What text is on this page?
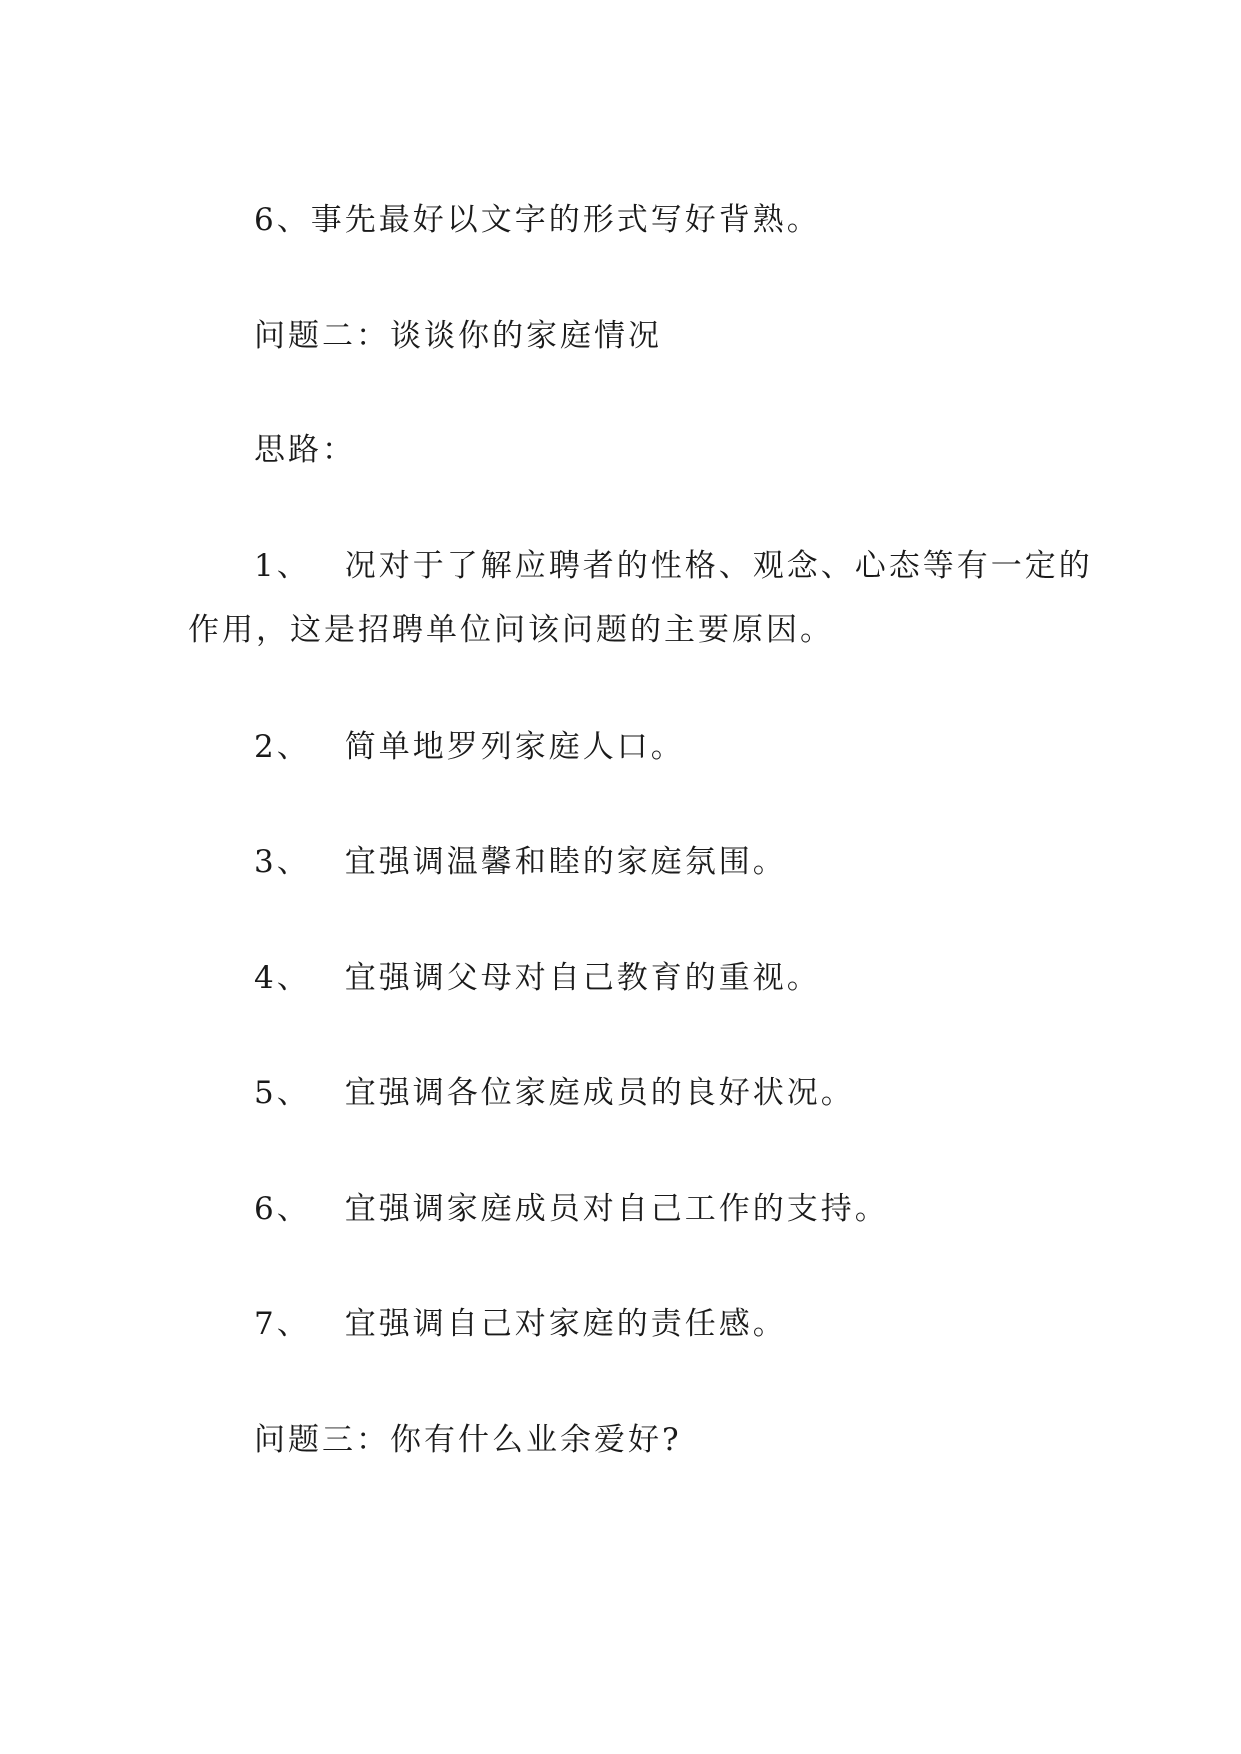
6、事先最好以文字的形式写好背熟。
问题二：谈谈你的家庭情况
思路：
1、 况对于了解应聘者的性格、观念、心态等有一定的
作用，这是招聘单位问该问题的主要原因。
2、 简单地罗列家庭人口。
3、 宜强调温馨和睦的家庭氛围。
4、 宜强调父母对自己教育的重视。
5、 宜强调各位家庭成员的良好状况。
6、 宜强调家庭成员对自己工作的支持。
7、 宜强调自己对家庭的责任感。
问题三：你有什么业余爱好?
